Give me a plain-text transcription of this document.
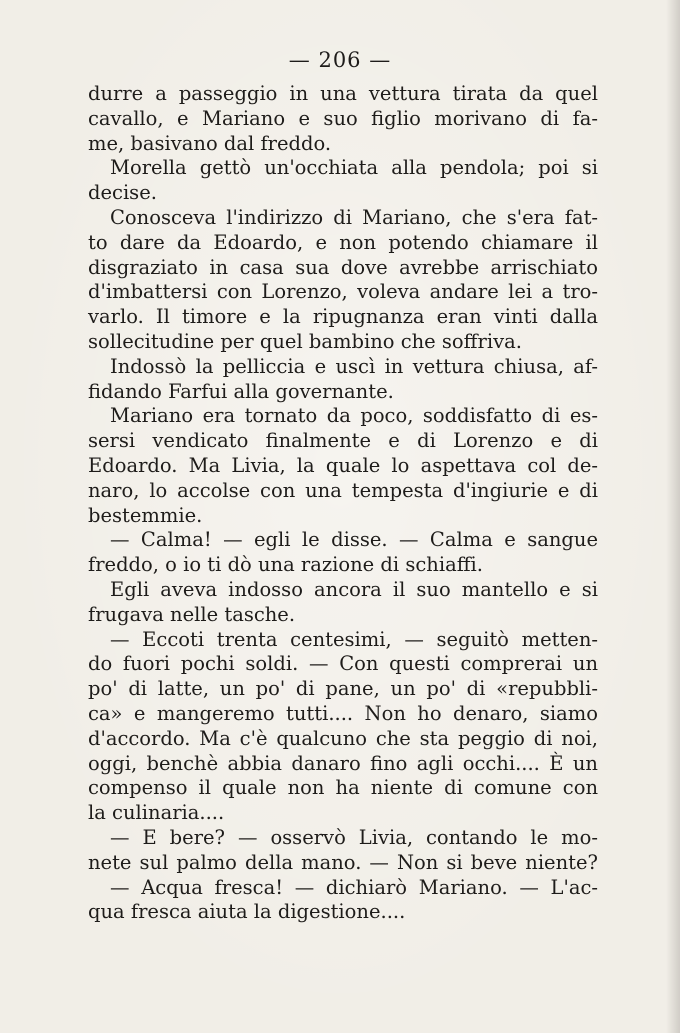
— 206 —
durre a passeggio in una vettura tirata da quel
cavallo, e Mariano e suo figlio morivano di fa-
me, basivano dal freddo.
Morella gettò un'occhiata alla pendola; poi si
decise.
Conosceva l'indirizzo di Mariano, che s'era fat-
to dare da Edoardo, e non potendo chiamare il
disgraziato in casa sua dove avrebbe arrischiato
d'imbattersi con Lorenzo, voleva andare lei a tro-
varlo. Il timore e la ripugnanza eran vinti dalla
sollecitudine per quel bambino che soffriva.
Indossò la pelliccia e uscì in vettura chiusa, af-
fidando Farfui alla governante.
Mariano era tornato da poco, soddisfatto di es-
sersi vendicato finalmente e di Lorenzo e di
Edoardo. Ma Livia, la quale lo aspettava col de-
naro, lo accolse con una tempesta d'ingiurie e di
bestemmie.
— Calma! — egli le disse. — Calma e sangue
freddo, o io ti dò una razione di schiaffi.
Egli aveva indosso ancora il suo mantello e si
frugava nelle tasche.
— Eccoti trenta centesimi, — seguitò metten-
do fuori pochi soldi. — Con questi comprerai un
po' di latte, un po' di pane, un po' di «repubbli-
ca» e mangeremo tutti.... Non ho denaro, siamo
d'accordo. Ma c'è qualcuno che sta peggio di noi,
oggi, benchè abbia danaro fino agli occhi.... È un
compenso il quale non ha niente di comune con
la culinaria....
— E bere? — osservò Livia, contando le mo-
nete sul palmo della mano. — Non si beve niente?
— Acqua fresca! — dichiarò Mariano. — L'ac-
qua fresca aiuta la digestione....
